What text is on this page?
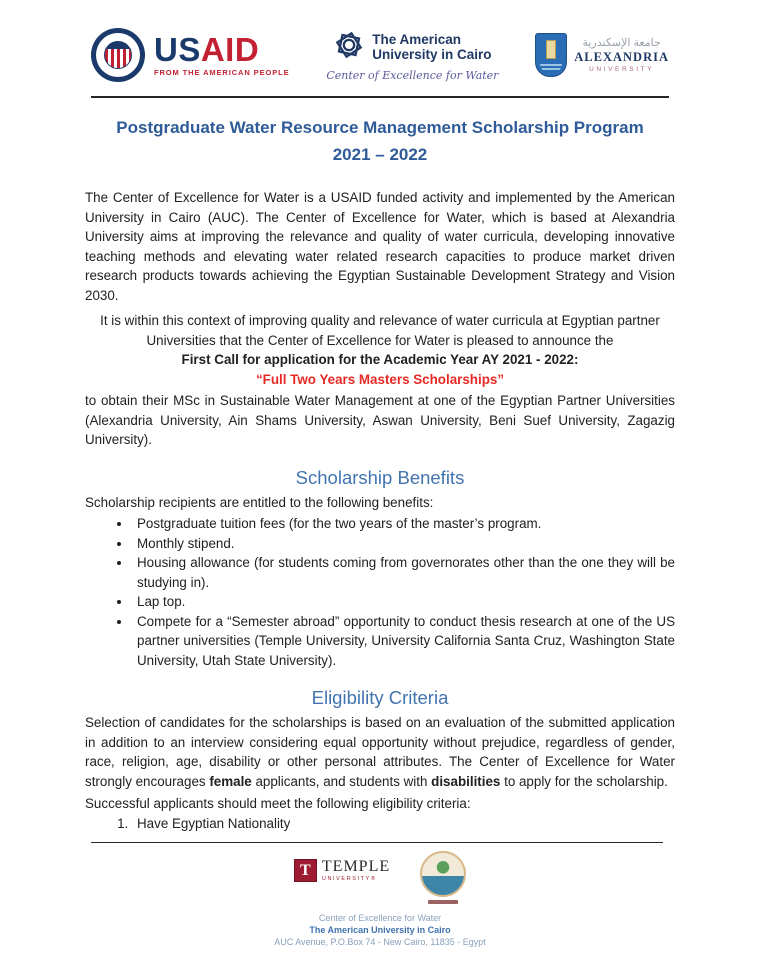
USAID
FROM THE AMERICAN PEOPLE
The American
University in Cairo
Center of Excellence for Water
جامعة الإسكندرية
ALEXANDRIA
UNIVERSITY
Postgraduate Water Resource Management Scholarship Program
2021 – 2022

The Center of Excellence for Water is a USAID funded activity and implemented by the American University in Cairo (AUC). The Center of Excellence for Water, which is based at Alexandria University aims at improving the relevance and quality of water curricula, developing innovative teaching methods and elevating water related research capacities to produce market driven research products towards achieving the Egyptian Sustainable Development Strategy and Vision 2030.

It is within this context of improving quality and relevance of water curricula at Egyptian partner Universities that the Center of Excellence for Water is pleased to announce the

First Call for application for the Academic Year AY 2021 - 2022:

“Full Two Years Masters Scholarships”

to obtain their MSc in Sustainable Water Management at one of the Egyptian Partner Universities (Alexandria University, Ain Shams University, Aswan University, Beni Suef University, Zagazig University).

Scholarship Benefits

Scholarship recipients are entitled to the following benefits:

• Postgraduate tuition fees (for the two years of the master’s program.
• Monthly stipend.
• Housing allowance (for students coming from governorates other than the one they will be studying in).
• Lap top.
• Compete for a “Semester abroad” opportunity to conduct thesis research at one of the US partner universities (Temple University, University California Santa Cruz, Washington State University, Utah State University).
Eligibility Criteria

Selection of candidates for the scholarships is based on an evaluation of the submitted application in addition to an interview considering equal opportunity without prejudice, regardless of gender, race, religion, age, disability or other personal attributes. The Center of Excellence for Water strongly encourages female applicants, and students with disabilities to apply for the scholarship.

Successful applicants should meet the following eligibility criteria:

1. Have Egyptian Nationality
T TEMPLE
UNIVERSITY®
Center of Excellence for Water
The American University in Cairo
AUC Avenue, P.O.Box 74 - New Cairo, 11835 - Egypt
